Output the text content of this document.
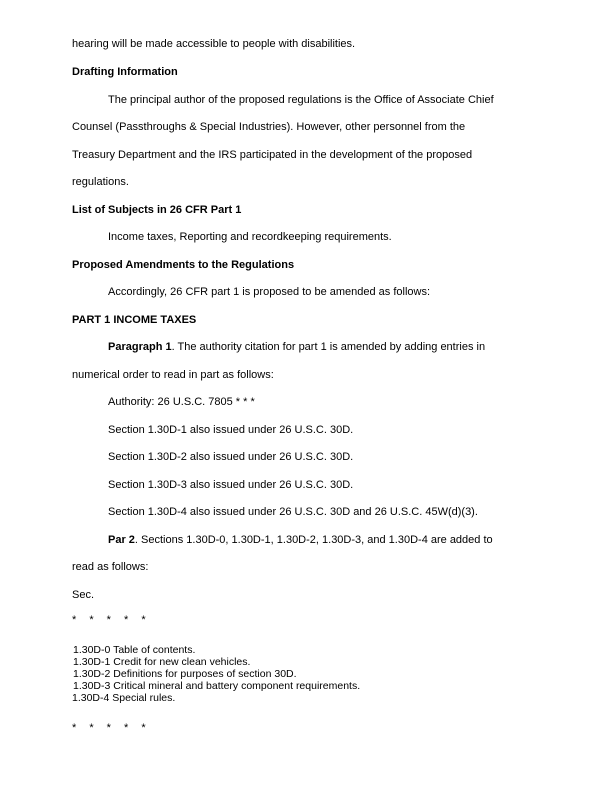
hearing will be made accessible to people with disabilities.
Drafting Information
The principal author of the proposed regulations is the Office of Associate Chief
Counsel (Passthroughs & Special Industries). However, other personnel from the
Treasury Department and the IRS participated in the development of the proposed
regulations.
List of Subjects in 26 CFR Part 1
Income taxes, Reporting and recordkeeping requirements.
Proposed Amendments to the Regulations
Accordingly, 26 CFR part 1 is proposed to be amended as follows:
PART 1 INCOME TAXES
Paragraph 1. The authority citation for part 1 is amended by adding entries in
numerical order to read in part as follows:
Authority: 26 U.S.C. 7805 * * *
Section 1.30D-1 also issued under 26 U.S.C. 30D.
Section 1.30D-2 also issued under 26 U.S.C. 30D.
Section 1.30D-3 also issued under 26 U.S.C. 30D.
Section 1.30D-4 also issued under 26 U.S.C. 30D and 26 U.S.C. 45W(d)(3).
Par 2. Sections 1.30D-0, 1.30D-1, 1.30D-2, 1.30D-3, and 1.30D-4 are added to
read as follows:
Sec.
* * * * *
1.30D-0 Table of contents.
1.30D-1 Credit for new clean vehicles.
1.30D-2 Definitions for purposes of section 30D.
1.30D-3 Critical mineral and battery component requirements.
1.30D-4 Special rules.
* * * * *
